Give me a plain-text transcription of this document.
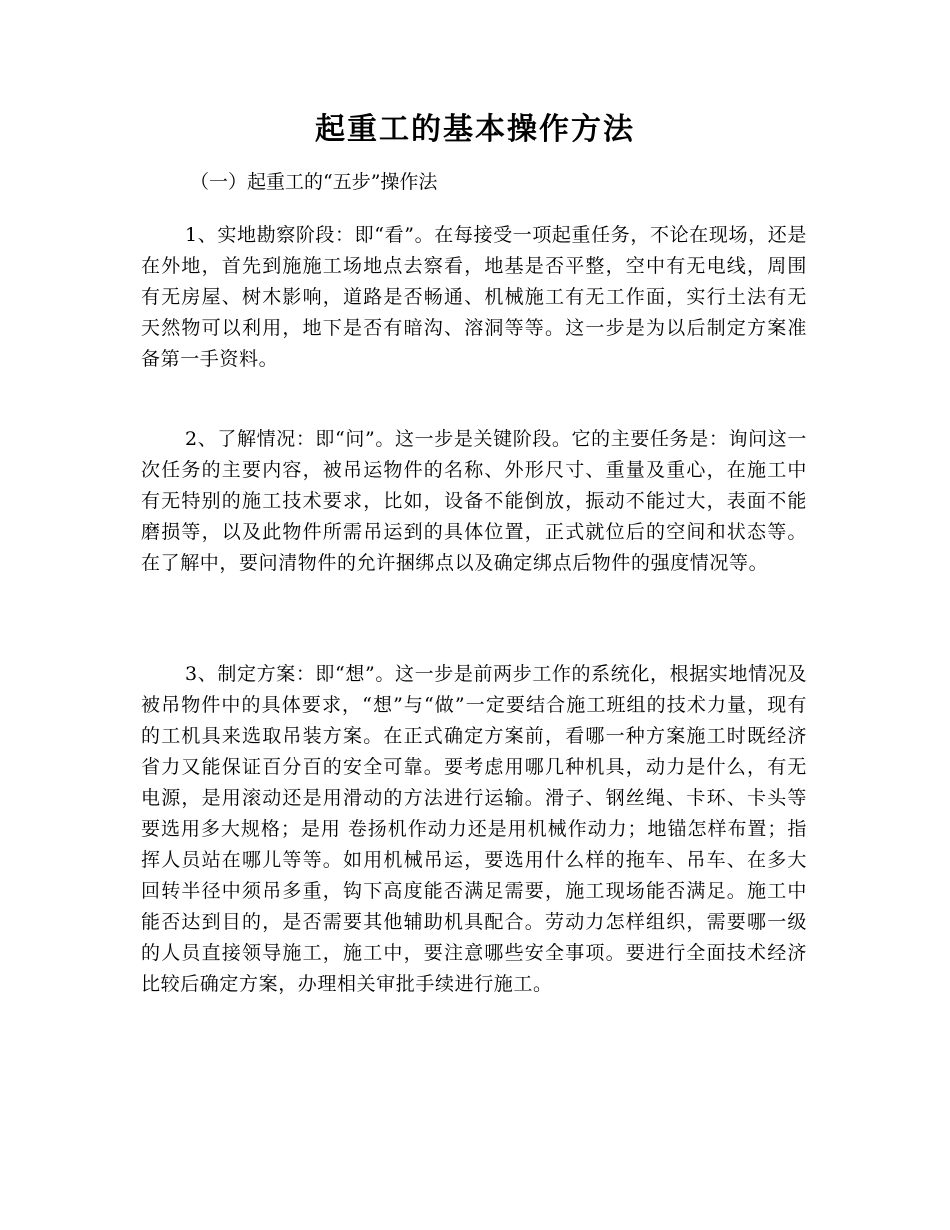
起重工的基本操作方法

（一）起重工的“五步”操作法

1、实地勘察阶段：即“看”。在每接受一项起重任务，不论在现场，还是在外地，首先到施施工场地点去察看，地基是否平整，空中有无电线，周围有无房屋、树木影响，道路是否畅通、机械施工有无工作面，实行土法有无天然物可以利用，地下是否有暗沟、溶洞等等。这一步是为以后制定方案准备第一手资料。

2、了解情况：即“问”。这一步是关键阶段。它的主要任务是：询问这一次任务的主要内容，被吊运物件的名称、外形尺寸、重量及重心，在施工中有无特别的施工技术要求，比如，设备不能倒放，振动不能过大，表面不能磨损等，以及此物件所需吊运到的具体位置，正式就位后的空间和状态等。在了解中，要问清物件的允许捆绑点以及确定绑点后物件的强度情况等。

3、制定方案：即“想”。这一步是前两步工作的系统化，根据实地情况及被吊物件中的具体要求，“想”与“做”一定要结合施工班组的技术力量，现有的工机具来选取吊装方案。在正式确定方案前，看哪一种方案施工时既经济省力又能保证百分百的安全可靠。要考虑用哪几种机具，动力是什么，有无电源，是用滚动还是用滑动的方法进行运输。滑子、钢丝绳、卡环、卡头等要选用多大规格；是用 卷扬机作动力还是用机械作动力；地锚怎样布置；指挥人员站在哪儿等等。如用机械吊运，要选用什么样的拖车、吊车、在多大回转半径中须吊多重，钩下高度能否满足需要，施工现场能否满足。施工中能否达到目的，是否需要其他辅助机具配合。劳动力怎样组织，需要哪一级的人员直接领导施工，施工中，要注意哪些安全事项。要进行全面技术经济比较后确定方案，办理相关审批手续进行施工。
